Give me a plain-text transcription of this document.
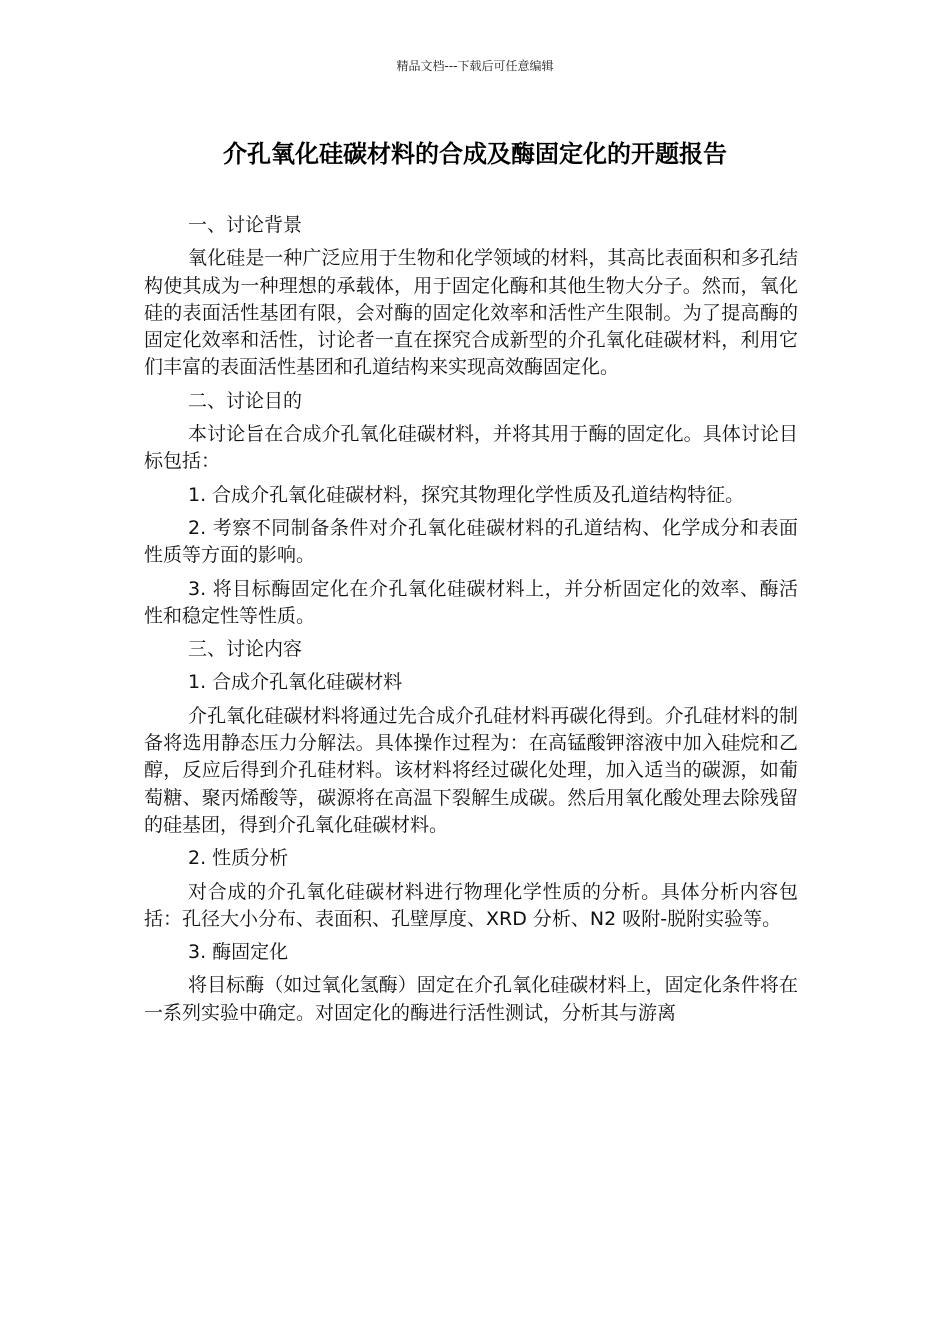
精品文档---下载后可任意编辑
介孔氧化硅碳材料的合成及酶固定化的开题报告

一、讨论背景

氧化硅是一种广泛应用于生物和化学领域的材料，其高比表面积和多孔结构使其成为一种理想的承载体，用于固定化酶和其他生物大分子。然而，氧化硅的表面活性基团有限，会对酶的固定化效率和活性产生限制。为了提高酶的固定化效率和活性，讨论者一直在探究合成新型的介孔氧化硅碳材料，利用它们丰富的表面活性基团和孔道结构来实现高效酶固定化。

二、讨论目的

本讨论旨在合成介孔氧化硅碳材料，并将其用于酶的固定化。具体讨论目标包括：

1. 合成介孔氧化硅碳材料，探究其物理化学性质及孔道结构特征。

2. 考察不同制备条件对介孔氧化硅碳材料的孔道结构、化学成分和表面性质等方面的影响。

3. 将目标酶固定化在介孔氧化硅碳材料上，并分析固定化的效率、酶活性和稳定性等性质。

三、讨论内容

1. 合成介孔氧化硅碳材料

介孔氧化硅碳材料将通过先合成介孔硅材料再碳化得到。介孔硅材料的制备将选用静态压力分解法。具体操作过程为：在高锰酸钾溶液中加入硅烷和乙醇，反应后得到介孔硅材料。该材料将经过碳化处理，加入适当的碳源，如葡萄糖、聚丙烯酸等，碳源将在高温下裂解生成碳。然后用氧化酸处理去除残留的硅基团，得到介孔氧化硅碳材料。

2. 性质分析

对合成的介孔氧化硅碳材料进行物理化学性质的分析。具体分析内容包括：孔径大小分布、表面积、孔壁厚度、XRD 分析、N2 吸附-脱附实验等。

3. 酶固定化

将目标酶（如过氧化氢酶）固定在介孔氧化硅碳材料上，固定化条件将在一系列实验中确定。对固定化的酶进行活性测试，分析其与游离
